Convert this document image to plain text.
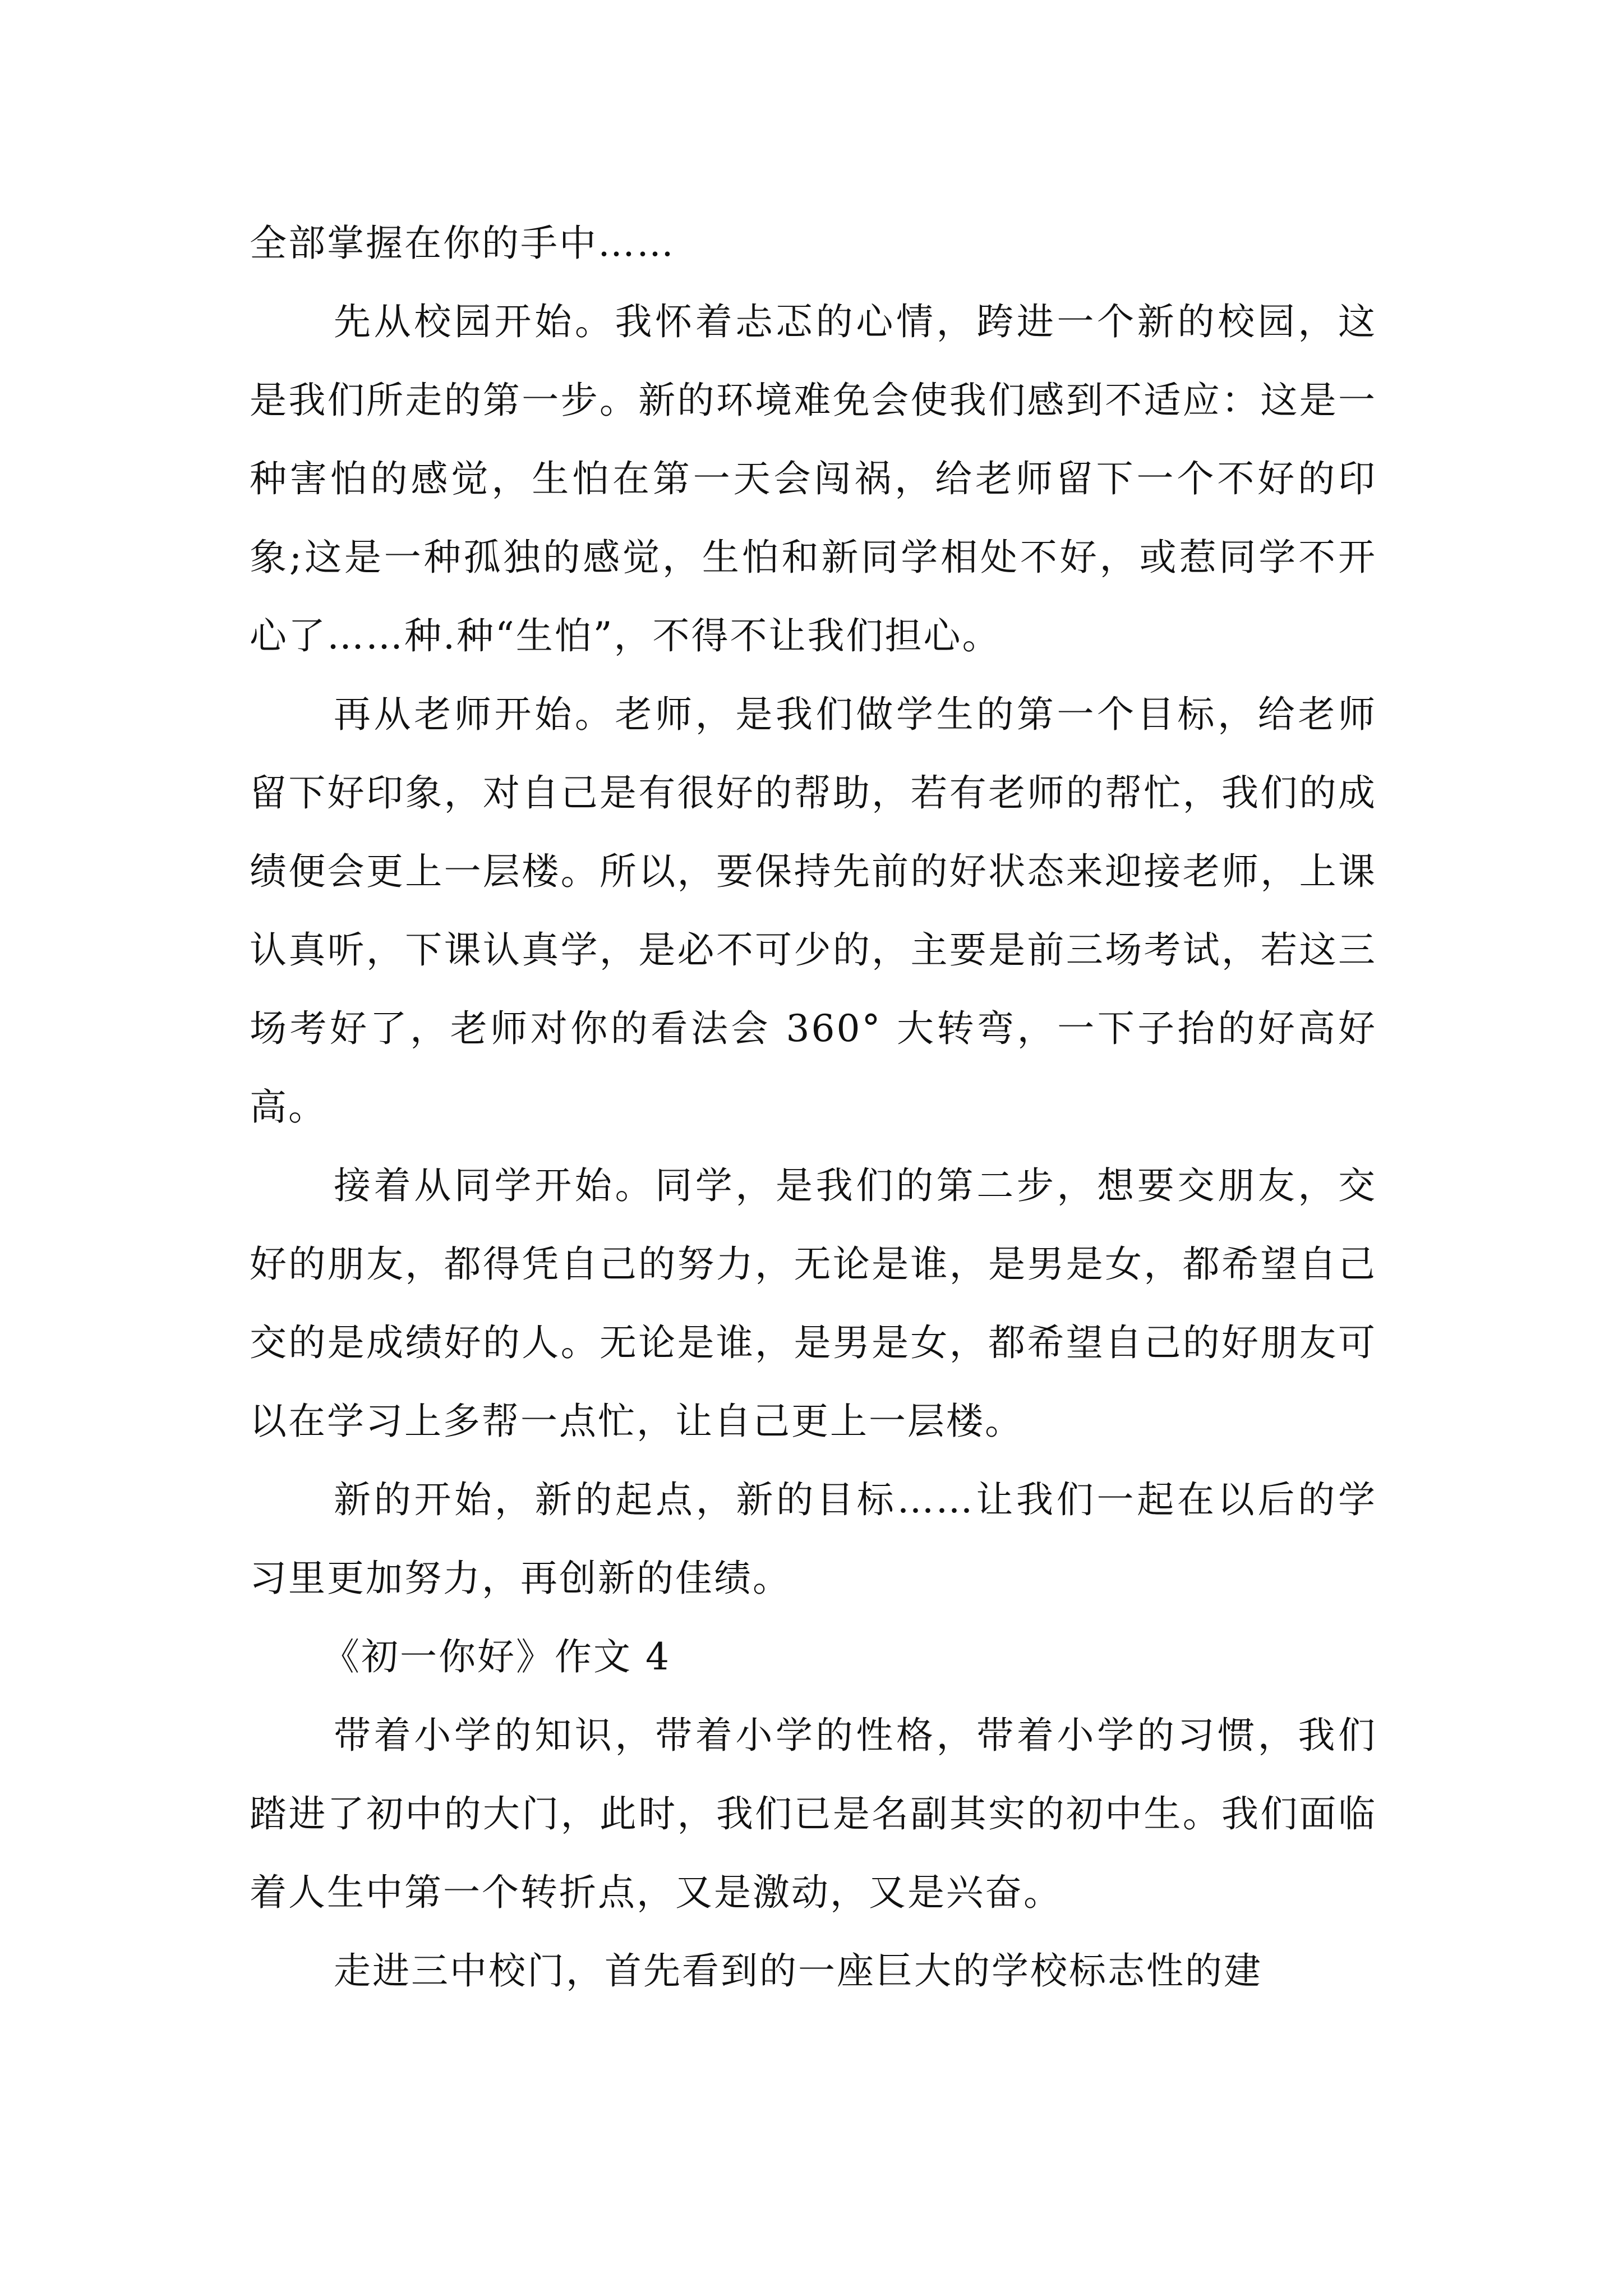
全部掌握在你的手中……

先从校园开始。我怀着忐忑的心情，跨进一个新的校园，这是我们所走的第一步。新的环境难免会使我们感到不适应：这是一种害怕的感觉，生怕在第一天会闯祸，给老师留下一个不好的印象;这是一种孤独的感觉，生怕和新同学相处不好，或惹同学不开心了……种.种“生怕”，不得不让我们担心。

再从老师开始。老师，是我们做学生的第一个目标，给老师留下好印象，对自己是有很好的帮助，若有老师的帮忙，我们的成绩便会更上一层楼。所以，要保持先前的好状态来迎接老师，上课认真听，下课认真学，是必不可少的，主要是前三场考试，若这三场考好了，老师对你的看法会 360° 大转弯，一下子抬的好高好高。

接着从同学开始。同学，是我们的第二步，想要交朋友，交好的朋友，都得凭自己的努力，无论是谁，是男是女，都希望自己交的是成绩好的人。无论是谁，是男是女，都希望自己的好朋友可以在学习上多帮一点忙，让自己更上一层楼。

新的开始，新的起点，新的目标……让我们一起在以后的学习里更加努力，再创新的佳绩。

《初一你好》作文 4

带着小学的知识，带着小学的性格，带着小学的习惯，我们踏进了初中的大门，此时，我们已是名副其实的初中生。我们面临着人生中第一个转折点，又是激动，又是兴奋。

走进三中校门，首先看到的一座巨大的学校标志性的建
